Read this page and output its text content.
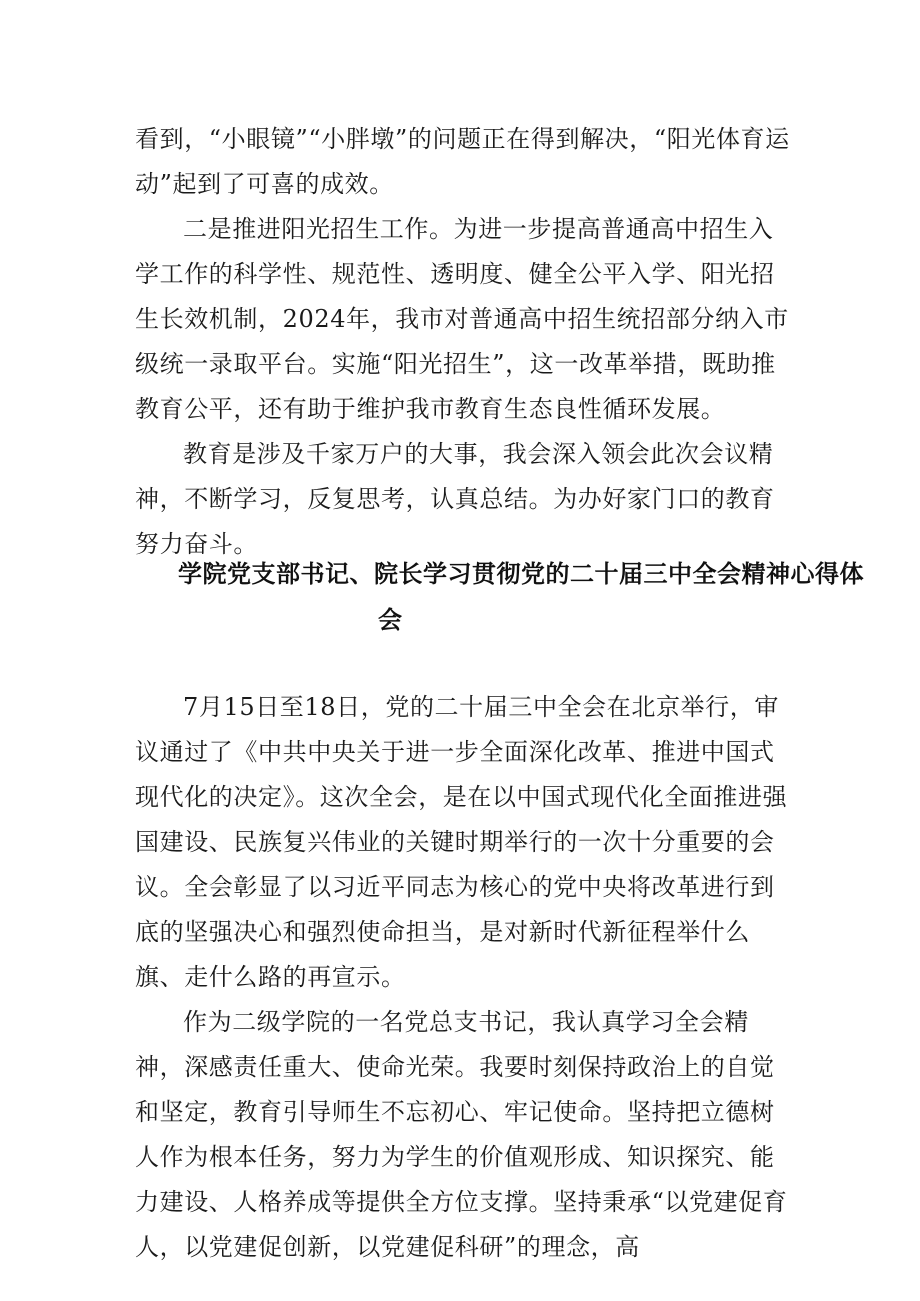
看到，“小眼镜”“小胖墩”的问题正在得到解决，“阳光体育运动”起到了可喜的成效。

二是推进阳光招生工作。为进一步提高普通高中招生入学工作的科学性、规范性、透明度、健全公平入学、阳光招生长效机制，2024年，我市对普通高中招生统招部分纳入市级统一录取平台。实施“阳光招生”，这一改革举措，既助推教育公平，还有助于维护我市教育生态良性循环发展。

教育是涉及千家万户的大事，我会深入领会此次会议精神，不断学习，反复思考，认真总结。为办好家门口的教育努力奋斗。

学院党支部书记、院长学习贯彻党的二十届三中全会精神心得体
会

7月15日至18日，党的二十届三中全会在北京举行，审议通过了《中共中央关于进一步全面深化改革、推进中国式现代化的决定》。这次全会，是在以中国式现代化全面推进强国建设、民族复兴伟业的关键时期举行的一次十分重要的会议。全会彰显了以习近平同志为核心的党中央将改革进行到底的坚强决心和强烈使命担当，是对新时代新征程举什么旗、走什么路的再宣示。

作为二级学院的一名党总支书记，我认真学习全会精神，深感责任重大、使命光荣。我要时刻保持政治上的自觉和坚定，教育引导师生不忘初心、牢记使命。坚持把立德树人作为根本任务，努力为学生的价值观形成、知识探究、能力建设、人格养成等提供全方位支撑。坚持秉承“以党建促育人，以党建促创新，以党建促科研”的理念，高
